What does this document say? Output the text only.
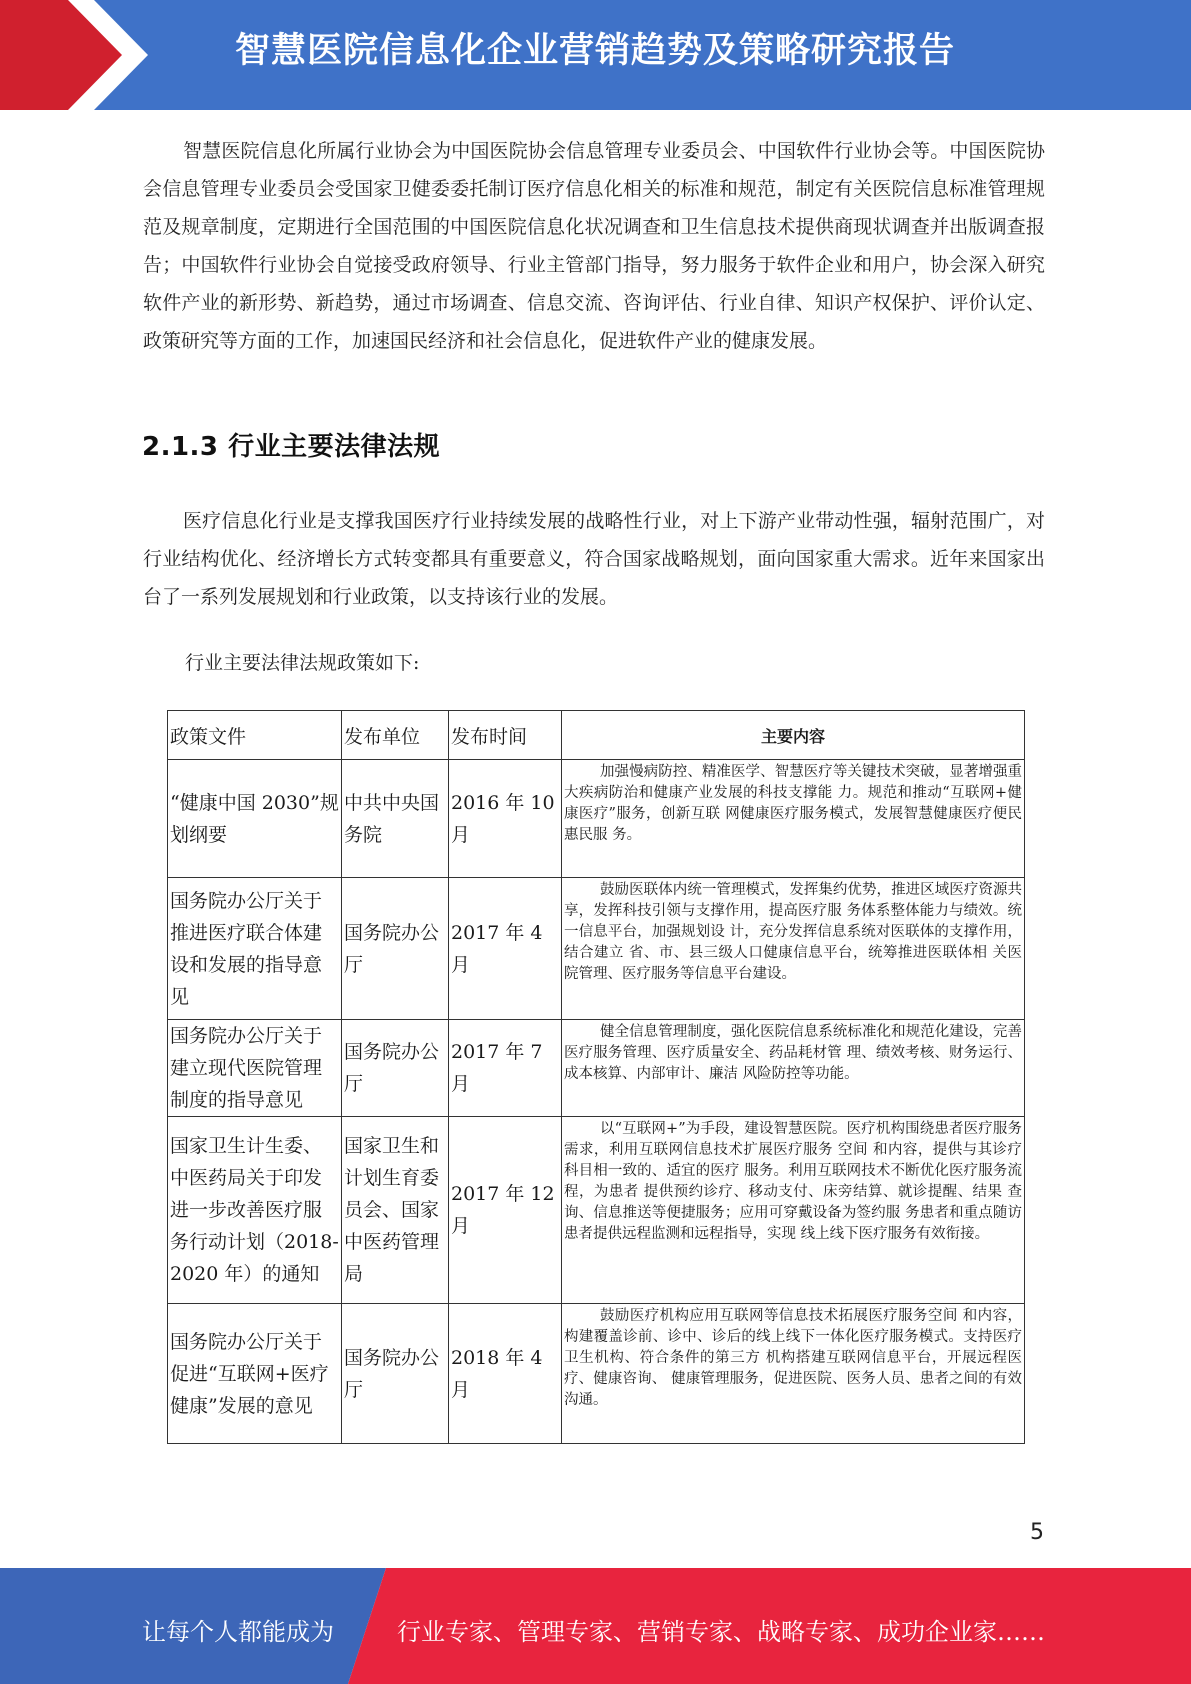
智慧医院信息化企业营销趋势及策略研究报告

智慧医院信息化所属行业协会为中国医院协会信息管理专业委员会、中国软件行业协会等。中国医院协会信息管理专业委员会受国家卫健委委托制订医疗信息化相关的标准和规范，制定有关医院信息标准管理规范及规章制度，定期进行全国范围的中国医院信息化状况调查和卫生信息技术提供商现状调查并出版调查报告；中国软件行业协会自觉接受政府领导、行业主管部门指导，努力服务于软件企业和用户，协会深入研究软件产业的新形势、新趋势，通过市场调查、信息交流、咨询评估、行业自律、知识产权保护、评价认定、政策研究等方面的工作，加速国民经济和社会信息化，促进软件产业的健康发展。

2.1.3 行业主要法律法规

医疗信息化行业是支撑我国医疗行业持续发展的战略性行业，对上下游产业带动性强，辐射范围广，对行业结构优化、经济增长方式转变都具有重要意义，符合国家战略规划，面向国家重大需求。近年来国家出台了一系列发展规划和行业政策，以支持该行业的发展。

行业主要法律法规政策如下:
政策文件	发布单位	发布时间	主要内容
“健康中国 2030”规划纲要	中共中央国务院	2016 年 10 月	加强慢病防控、精准医学、智慧医疗等关键技术突破，显著增强重大疾病防治和健康产业发展的科技支撑能 力。规范和推动“互联网+健康医疗”服务，创新互联 网健康医疗服务模式，发展智慧健康医疗便民惠民服 务。
国务院办公厅关于推进医疗联合体建设和发展的指导意见	国务院办公厅	2017 年 4 月	鼓励医联体内统一管理模式，发挥集约优势，推进区域医疗资源共享，发挥科技引领与支撑作用，提高医疗服 务体系整体能力与绩效。统一信息平台，加强规划设 计，充分发挥信息系统对医联体的支撑作用，结合建立 省、市、县三级人口健康信息平台，统筹推进医联体相 关医院管理、医疗服务等信息平台建设。
国务院办公厅关于建立现代医院管理制度的指导意见	国务院办公厅	2017 年 7 月	健全信息管理制度，强化医院信息系统标准化和规范化建设，完善医疗服务管理、医疗质量安全、药品耗材管 理、绩效考核、财务运行、成本核算、内部审计、廉洁 风险防控等功能。
国家卫生计生委、中医药局关于印发进一步改善医疗服务行动计划（2018-2020 年）的通知	国家卫生和计划生育委员会、国家中医药管理局	2017 年 12 月	以“互联网+”为手段，建设智慧医院。医疗机构围绕患者医疗服务需求，利用互联网信息技术扩展医疗服务 空间 和内容，提供与其诊疗科目相一致的、适宜的医疗 服务。利用互联网技术不断优化医疗服务流程，为患者 提供预约诊疗、移动支付、床旁结算、就诊提醒、结果 查询、信息推送等便捷服务；应用可穿戴设备为签约服 务患者和重点随访患者提供远程监测和远程指导，实现 线上线下医疗服务有效衔接。
国务院办公厅关于促进“互联网+医疗健康”发展的意见	国务院办公厅	2018 年 4 月	鼓励医疗机构应用互联网等信息技术拓展医疗服务空间 和内容，构建覆盖诊前、诊中、诊后的线上线下一体化医疗服务模式。支持医疗卫生机构、符合条件的第三方 机构搭建互联网信息平台，开展远程医疗、健康咨询、 健康管理服务，促进医院、医务人员、患者之间的有效 沟通。
5
让每个人都能成为	行业专家、管理专家、营销专家、战略专家、成功企业家……
